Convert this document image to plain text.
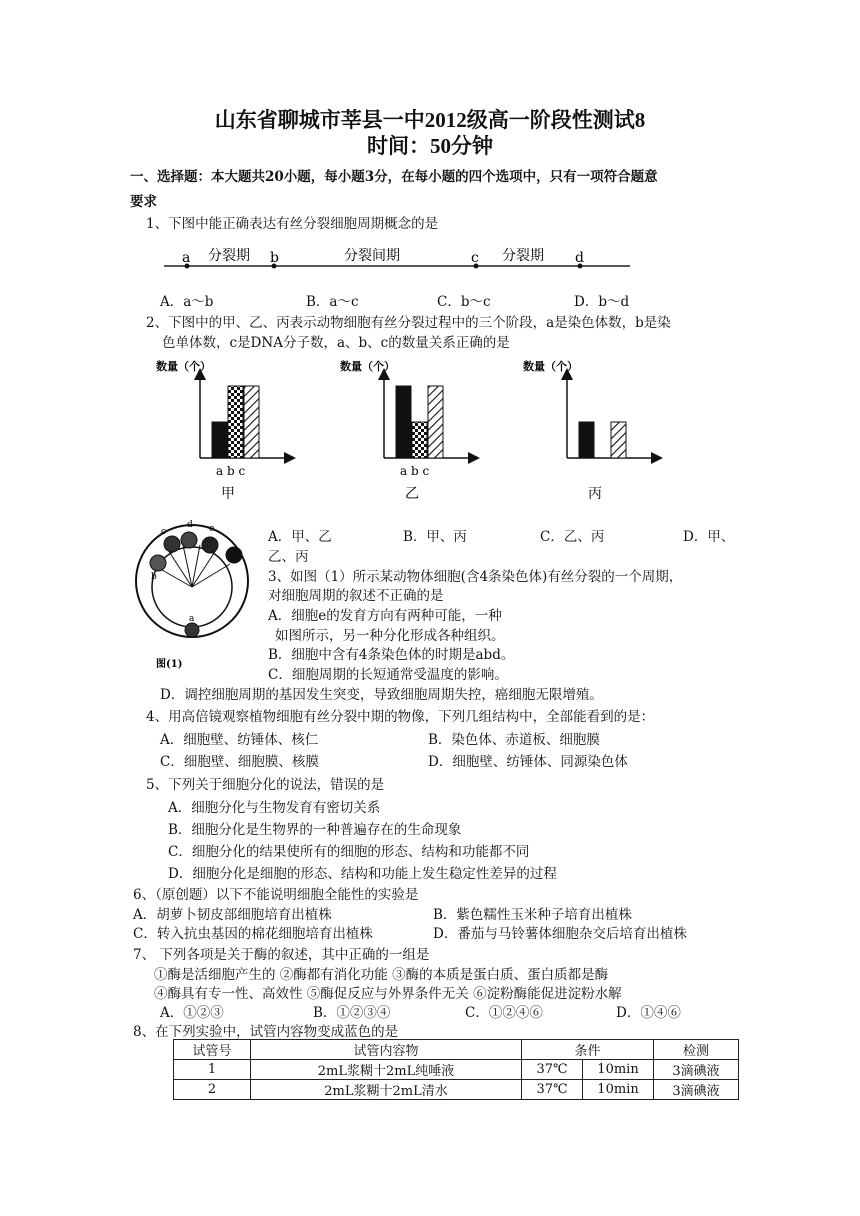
山东省聊城市莘县一中2012级高一阶段性测试8
时间：50分钟
一、选择题：本大题共20小题，每小题3分，在每小题的四个选项中，只有一项符合题意
要求
1、下图中能正确表达有丝分裂细胞周期概念的是
a	b	c	d
分裂期	分裂间期	分裂期
A．a～b	B．a～c	C．b～c	D．b～d
2、下图中的甲、乙、丙表示动物细胞有丝分裂过程中的三个阶段，a是染色体数，b是染
色单体数，c是DNA分子数，a、b、c的数量关系正确的是
数量（个）
a b c
甲
数量（个）
a b c
乙
数量（个）
丙
b
c
d e
a
图(1)
A．甲、乙	B．甲、丙	C．乙、丙	D．甲、
乙、丙
3、如图（1）所示某动物体细胞(含4条染色体)有丝分裂的一个周期，
对细胞周期的叙述不正确的是
A．细胞e的发育方向有两种可能，一种
如图所示，另一种分化形成各种组织。
B．细胞中含有4条染色体的时期是abd。
C．细胞周期的长短通常受温度的影响。
D．调控细胞周期的基因发生突变，导致细胞周期失控，癌细胞无限增殖。
4、用高倍镜观察植物细胞有丝分裂中期的物像，下列几组结构中，全部能看到的是：
A．细胞壁、纺锤体、核仁	B．染色体、赤道板、细胞膜
C．细胞壁、细胞膜、核膜	D．细胞壁、纺锤体、同源染色体
5、下列关于细胞分化的说法，错误的是
A．细胞分化与生物发育有密切关系
B．细胞分化是生物界的一种普遍存在的生命现象
C．细胞分化的结果使所有的细胞的形态、结构和功能都不同
D．细胞分化是细胞的形态、结构和功能上发生稳定性差异的过程
6、（原创题）以下不能说明细胞全能性的实验是
A．胡萝卜韧皮部细胞培育出植株	B．紫色糯性玉米种子培育出植株
C．转入抗虫基因的棉花细胞培育出植株	D．番茄与马铃薯体细胞杂交后培育出植株
7、 下列各项是关于酶的叙述，其中正确的一组是
①酶是活细胞产生的 ②酶都有消化功能 ③酶的本质是蛋白质、蛋白质都是酶
④酶具有专一性、高效性 ⑤酶促反应与外界条件无关 ⑥淀粉酶能促进淀粉水解
A．①②③	B．①②③④	C．①②④⑥	D．①④⑥
8、在下列实验中，试管内容物变成蓝色的是
试管号	试管内容物	条件		检测
1	2mL浆糊十2mL纯唾液	37℃	10min	3滴碘液
2	2mL浆糊十2mL清水	37℃	10min	3滴碘液
